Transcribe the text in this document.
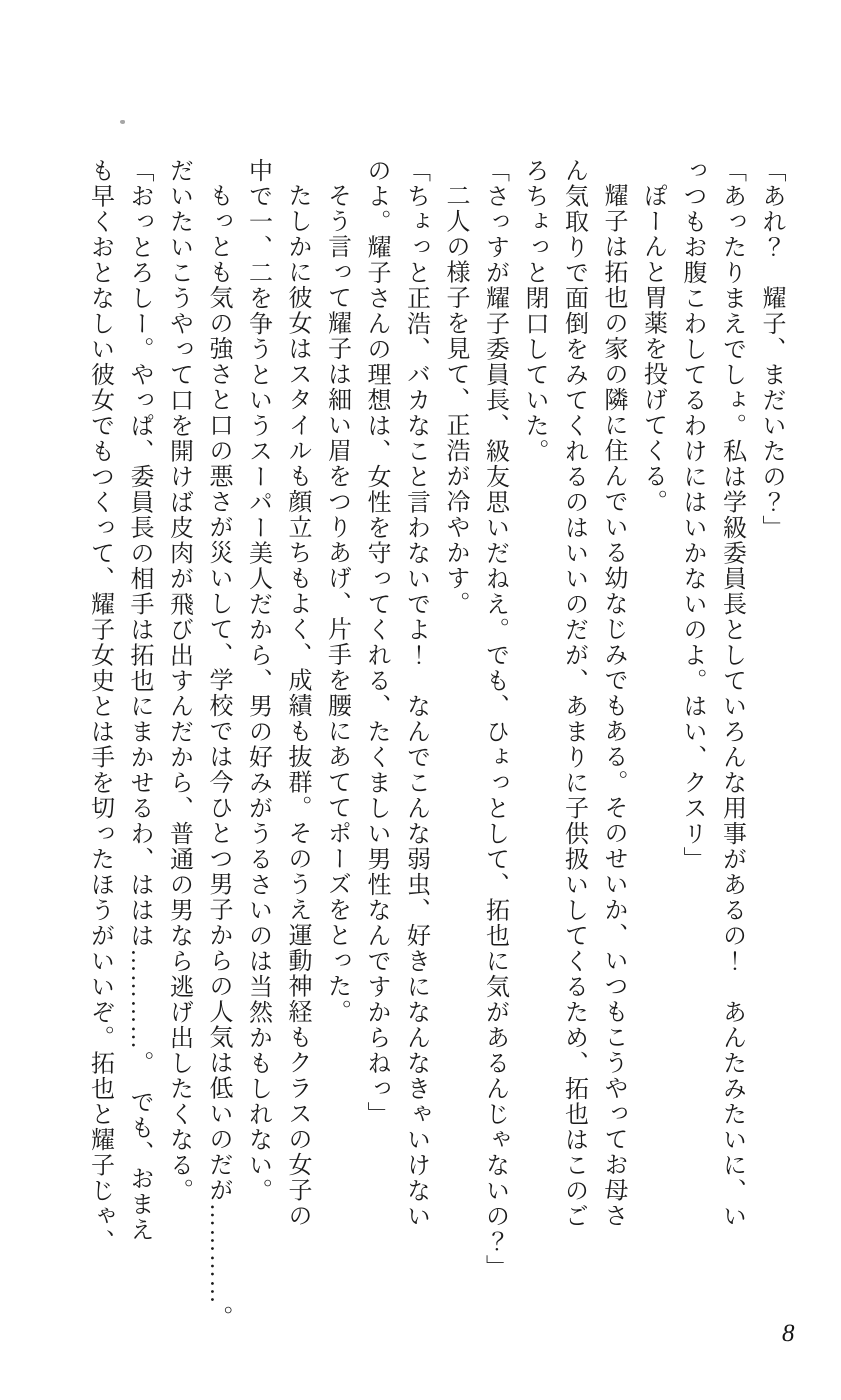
「あれ？　耀子、まだいたの？」
「あったりまえでしょ。私は学級委員長としていろんな用事があるの！　あんたみたいに、い
っつもお腹こわしてるわけにはいかないのよ。はい、クスリ」
ぽーんと胃薬を投げてくる。
耀子は拓也の家の隣に住んでいる幼なじみでもある。そのせいか、いつもこうやってお母さ
ん気取りで面倒をみてくれるのはいいのだが、あまりに子供扱いしてくるため、拓也はこのご
ろちょっと閉口していた。
「さっすが耀子委員長、級友思いだねえ。でも、ひょっとして、拓也に気があるんじゃないの？」
二人の様子を見て、正浩が冷やかす。
「ちょっと正浩、バカなこと言わないでよ！　なんでこんな弱虫、好きになんなきゃいけない
のよ。耀子さんの理想は、女性を守ってくれる、たくましい男性なんですからねっ」
そう言って耀子は細い眉をつりあげ、片手を腰にあててポーズをとった。
たしかに彼女はスタイルも顔立ちもよく、成績も抜群。そのうえ運動神経もクラスの女子の
中で一、二を争うというスーパー美人だから、男の好みがうるさいのは当然かもしれない。
もっとも気の強さと口の悪さが災いして、学校では今ひとつ男子からの人気は低いのだが…………。
だいたいこうやって口を開けば皮肉が飛び出すんだから、普通の男なら逃げ出したくなる。
「おっとろしー。やっぱ、委員長の相手は拓也にまかせるわ、ははは…………。　でも、おまえ
も早くおとなしい彼女でもつくって、耀子女史とは手を切ったほうがいいぞ。拓也と耀子じゃ、
8
